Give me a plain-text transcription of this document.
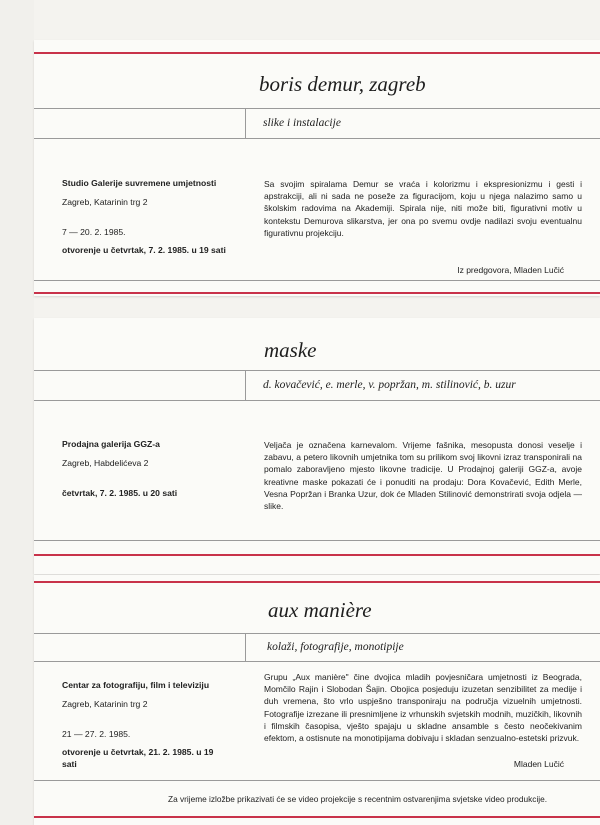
boris demur, zagreb
slike i instalacije
Studio Galerije suvremene umjetnosti
Zagreb, Katarinin trg 2
7 — 20. 2. 1985.
otvorenje u četvrtak, 7. 2. 1985. u 19 sati
Sa svojim spiralama Demur se vraća i kolorizmu i ekspresionizmu i gesti i apstrakciji, ali ni sada ne poseže za figuracijom, koju u njega nalazimo samo u školskim radovima na Akademiji. Spirala nije, niti može biti, figurativni motiv u kontekstu Demurova slikarstva, jer ona po svemu ovdje nadilazi svoju eventualnu figurativnu projekciju.
Iz predgovora, Mladen Lučić
maske
d. kovačević, e. merle, v. popržan, m. stilinović, b. uzur
Prodajna galerija GGZ-a
Zagreb, Habdelićeva 2
četvrtak, 7. 2. 1985. u 20 sati
Veljača je označena karnevalom. Vrijeme fašnika, mesopusta donosi veselje i zabavu, a petero likovnih umjetnika tom su prilikom svoj likovni izraz transponirali na pomalo zaboravljeno mjesto likovne tradicije. U Prodajnoj galeriji GGZ-a, avoje kreativne maske pokazati će i ponuditi na prodaju: Dora Kovačević, Edith Merle, Vesna Popržan i Branka Uzur, dok će Mladen Stilinović demonstrirati svoja odjela — slike.
aux manière
kolaži, fotografije, monotipije
Centar za fotografiju, film i televiziju
Zagreb, Katarinin trg 2
21 — 27. 2. 1985.
otvorenje u četvrtak, 21. 2. 1985. u 19 sati
Grupu „Aux manière" čine dvojica mladih povjesničara umjetnosti iz Beograda, Momčilo Rajin i Slobodan Šajin. Obojica posjeduju izuzetan senzibilitet za medije i duh vremena, što vrlo uspješno transponiraju na područja vizuelnih umjetnosti. Fotografije izrezane ili presnimljene iz vrhunskih svjetskih modnih, muzičkih, likovnih i filmskih časopisa, vješto spajaju u skladne ansamble s često neočekivanim efektom, a ostisnute na monotipijama dobivaju i skladan senzualno-estetski prizvuk.
Mladen Lučić
Za vrijeme izložbe prikazivati će se video projekcije s recentnim ostvarenjima svjetske video produkcije.
